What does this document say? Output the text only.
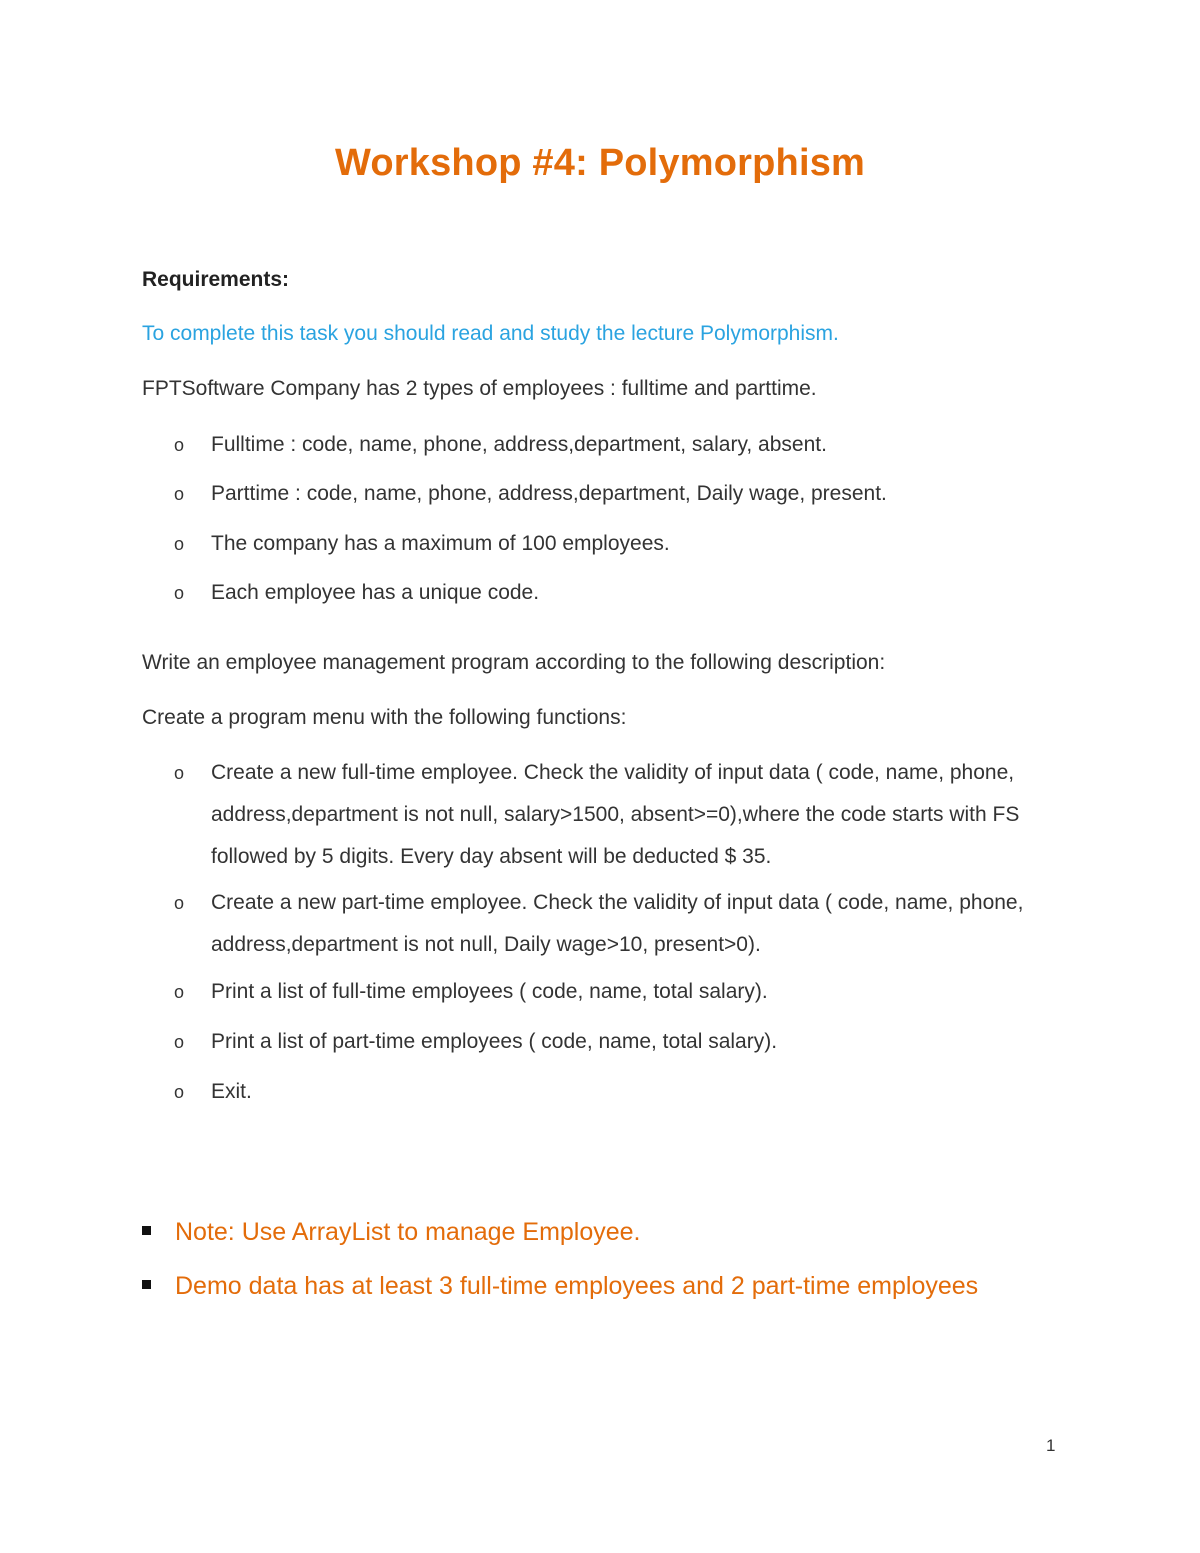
Workshop #4: Polymorphism
Requirements:
To complete this task you should read and study the lecture Polymorphism.
FPTSoftware Company has 2 types of employees : fulltime and parttime.
o Fulltime : code, name, phone, address,department, salary, absent.
o Parttime : code, name, phone, address,department, Daily wage, present.
o The company has a maximum of 100 employees.
o Each employee has a unique code.
Write an employee management program according to the following description:
Create a program menu with the following functions:
o Create a new full-time employee. Check the validity of input data ( code, name, phone, address,department is not null, salary>1500, absent>=0),where the code starts with FS followed by 5 digits. Every day absent will be deducted $ 35.
o Create a new part-time employee. Check the validity of input data ( code, name, phone, address,department is not null, Daily wage>10, present>0).
o Print a list of full-time employees ( code, name, total salary).
o Print a list of part-time employees ( code, name, total salary).
o Exit.
Note: Use ArrayList to manage Employee.
Demo data has at least 3 full-time employees and 2 part-time employees
1
